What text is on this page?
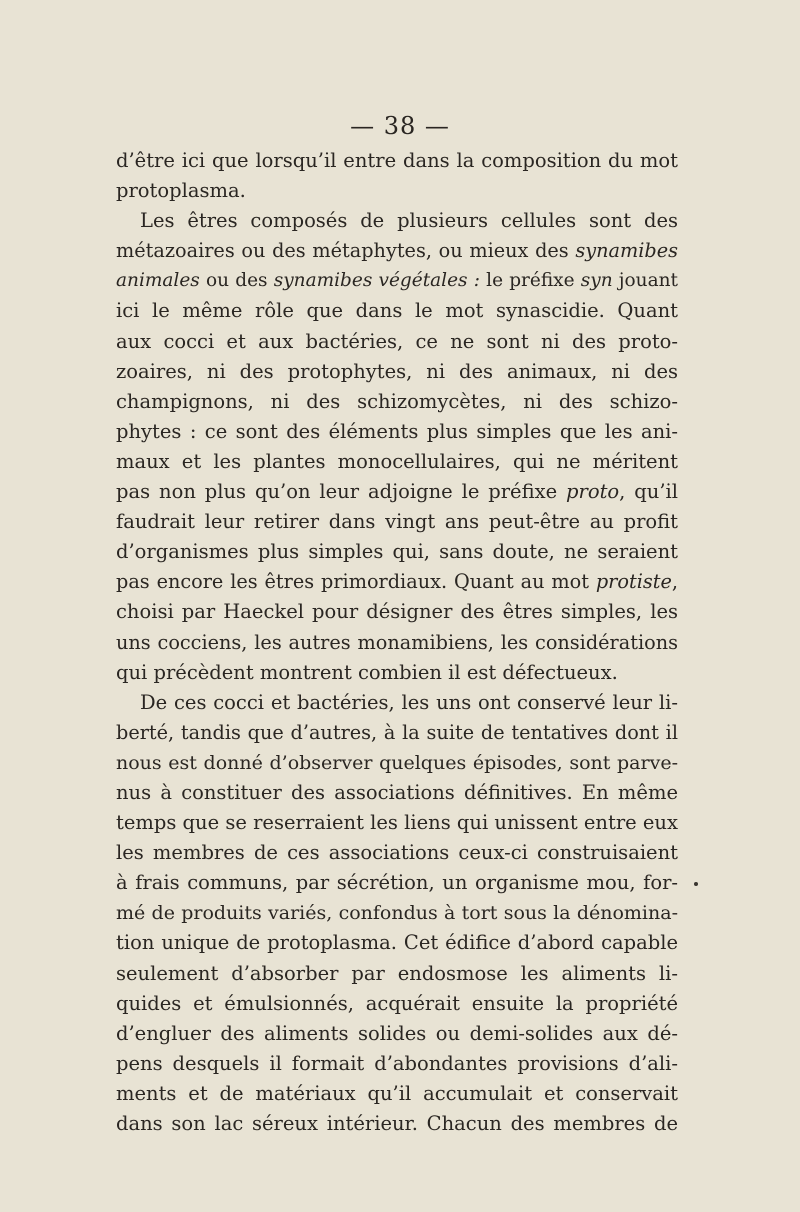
— 38 —
d’être ici que lorsqu’il entre dans la composition du mot
protoplasma.
Les êtres composés de plusieurs cellules sont des
métazoaires ou des métaphytes, ou mieux des synamibes
animales ou des synamibes végétales : le préfixe syn jouant
ici le même rôle que dans le mot synascidie. Quant
aux cocci et aux bactéries, ce ne sont ni des proto-
zoaires, ni des protophytes, ni des animaux, ni des
champignons, ni des schizomycètes, ni des schizo-
phytes : ce sont des éléments plus simples que les ani-
maux et les plantes monocellulaires, qui ne méritent
pas non plus qu’on leur adjoigne le préfixe proto, qu’il
faudrait leur retirer dans vingt ans peut-être au profit
d’organismes plus simples qui, sans doute, ne seraient
pas encore les êtres primordiaux. Quant au mot protiste,
choisi par Haeckel pour désigner des êtres simples, les
uns cocciens, les autres monamibiens, les considérations
qui précèdent montrent combien il est défectueux.
De ces cocci et bactéries, les uns ont conservé leur li-
berté, tandis que d’autres, à la suite de tentatives dont il
nous est donné d’observer quelques épisodes, sont parve-
nus à constituer des associations définitives. En même
temps que se reserraient les liens qui unissent entre eux
les membres de ces associations ceux-ci construisaient
à frais communs, par sécrétion, un organisme mou, for-
mé de produits variés, confondus à tort sous la dénomina-
tion unique de protoplasma. Cet édifice d’abord capable
seulement d’absorber par endosmose les aliments li-
quides et émulsionnés, acquérait ensuite la propriété
d’engluer des aliments solides ou demi-solides aux dé-
pens desquels il formait d’abondantes provisions d’ali-
ments et de matériaux qu’il accumulait et conservait
dans son lac séreux intérieur. Chacun des membres de
